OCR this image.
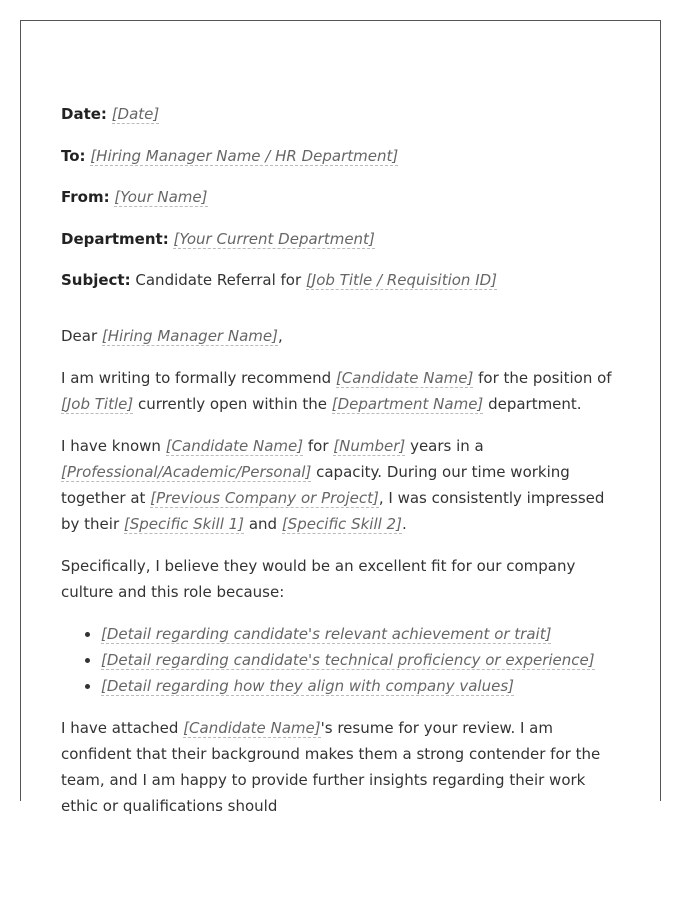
Date: [Date]
To: [Hiring Manager Name / HR Department]
From: [Your Name]
Department: [Your Current Department]
Subject: Candidate Referral for [Job Title / Requisition ID]

Dear [Hiring Manager Name],

I am writing to formally recommend [Candidate Name] for the position of [Job Title] currently open within the [Department Name] department.

I have known [Candidate Name] for [Number] years in a [Professional/Academic/Personal] capacity. During our time working together at [Previous Company or Project], I was consistently impressed by their [Specific Skill 1] and [Specific Skill 2].

Specifically, I believe they would be an excellent fit for our company culture and this role because:

• [Detail regarding candidate's relevant achievement or trait]
• [Detail regarding candidate's technical proficiency or experience]
• [Detail regarding how they align with company values]

I have attached [Candidate Name]'s resume for your review. I am confident that their background makes them a strong contender for the team, and I am happy to provide further insights regarding their work ethic or qualifications should
